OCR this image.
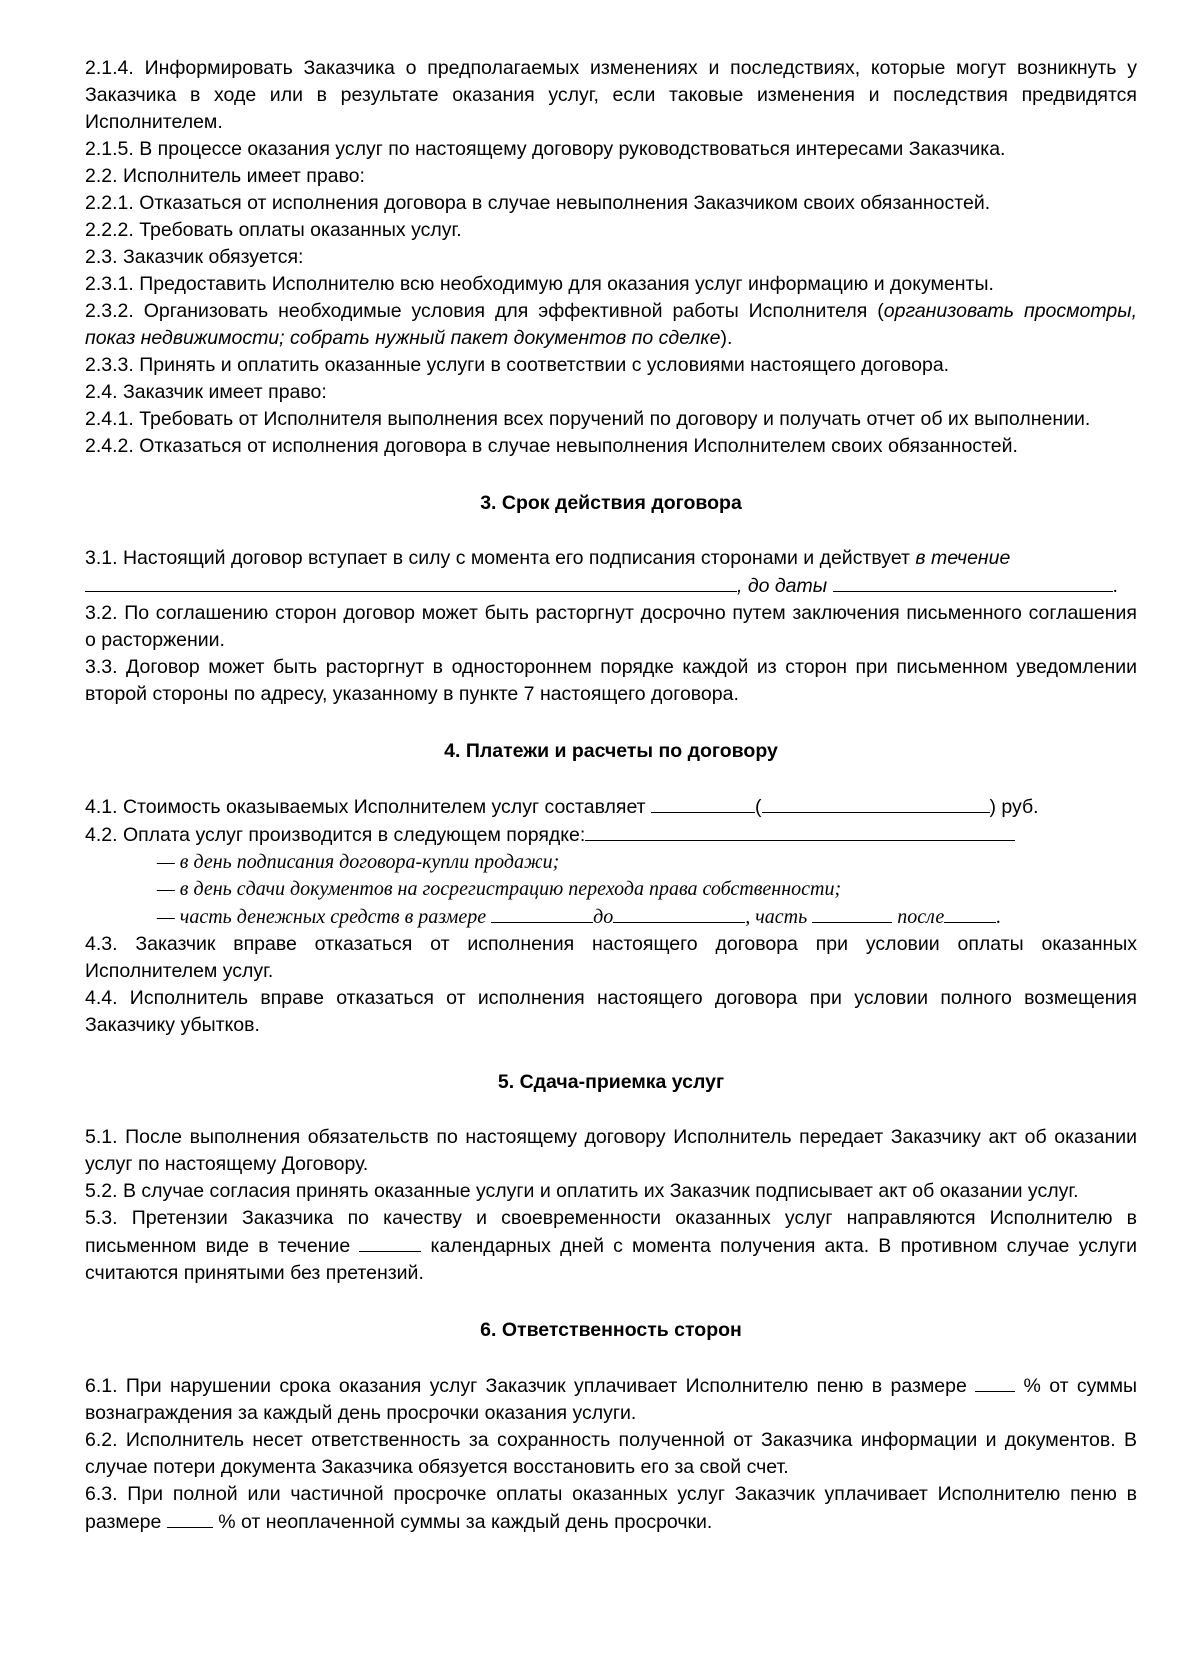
2.1.4. Информировать Заказчика о предполагаемых изменениях и последствиях, которые могут возникнуть у Заказчика в ходе или в результате оказания услуг, если таковые изменения и последствия предвидятся Исполнителем.

2.1.5. В процессе оказания услуг по настоящему договору руководствоваться интересами Заказчика.

2.2. Исполнитель имеет право:

2.2.1. Отказаться от исполнения договора в случае невыполнения Заказчиком своих обязанностей.

2.2.2. Требовать оплаты оказанных услуг.

2.3. Заказчик обязуется:

2.3.1. Предоставить Исполнителю всю необходимую для оказания услуг информацию и документы.

2.3.2. Организовать необходимые условия для эффективной работы Исполнителя (организовать просмотры, показ недвижимости; собрать нужный пакет документов по сделке).

2.3.3. Принять и оплатить оказанные услуги в соответствии с условиями настоящего договора.

2.4. Заказчик имеет право:

2.4.1. Требовать от Исполнителя выполнения всех поручений по договору и получать отчет об их выполнении.

2.4.2. Отказаться от исполнения договора в случае невыполнения Исполнителем своих обязанностей.

3. Срок действия договора

3.1. Настоящий договор вступает в силу с момента его подписания сторонами и действует в течение

, до даты	.

3.2. По соглашению сторон договор может быть расторгнут досрочно путем заключения письменного соглашения о расторжении.

3.3. Договор может быть расторгнут в одностороннем порядке каждой из сторон при письменном уведомлении второй стороны по адресу, указанному в пункте 7 настоящего договора.

4. Платежи и расчеты по договору

4.1. Стоимость оказываемых Исполнителем услуг составляет	(	) руб.

4.2. Оплата услуг производится в следующем порядке:

— в день подписания договора-купли продажи;

— в день сдачи документов на госрегистрацию перехода права собственности;

— часть денежных средств в размере	до	, часть	после	.

4.3. Заказчик вправе отказаться от исполнения настоящего договора при условии оплаты оказанных Исполнителем услуг.

4.4. Исполнитель вправе отказаться от исполнения настоящего договора при условии полного возмещения Заказчику убытков.

5. Сдача-приемка услуг

5.1. После выполнения обязательств по настоящему договору Исполнитель передает Заказчику акт об оказании услуг по настоящему Договору.

5.2. В случае согласия принять оказанные услуги и оплатить их Заказчик подписывает акт об оказании услуг.

5.3. Претензии Заказчика по качеству и своевременности оказанных услуг направляются Исполнителю в письменном виде в течение	календарных дней с момента получения акта. В противном случае услуги считаются принятыми без претензий.

6. Ответственность сторон

6.1. При нарушении срока оказания услуг Заказчик уплачивает Исполнителю пеню в размере  % от суммы вознаграждения за каждый день просрочки оказания услуги.

6.2. Исполнитель несет ответственность за сохранность полученной от Заказчика информации и документов. В случае потери документа Заказчика обязуется восстановить его за свой счет.

6.3. При полной или частичной просрочке оплаты оказанных услуг Заказчик уплачивает Исполнителю пеню в размере  % от неоплаченной суммы за каждый день просрочки.
